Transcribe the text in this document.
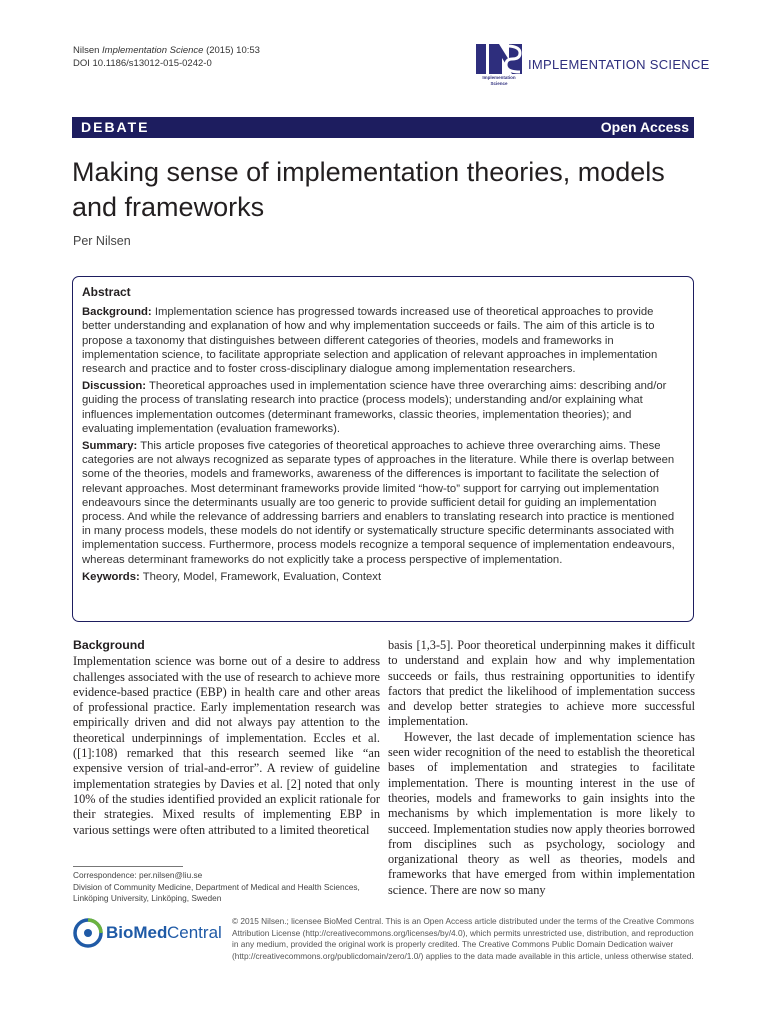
Nilsen Implementation Science (2015) 10:53
DOI 10.1186/s13012-015-0242-0
Implementation Science
IMPLEMENTATION SCIENCE
DEBATE	Open Access
Making sense of implementation theories, models and frameworks
Per Nilsen
Abstract

Background: Implementation science has progressed towards increased use of theoretical approaches to provide better understanding and explanation of how and why implementation succeeds or fails. The aim of this article is to propose a taxonomy that distinguishes between different categories of theories, models and frameworks in implementation science, to facilitate appropriate selection and application of relevant approaches in implementation research and practice and to foster cross-disciplinary dialogue among implementation researchers.

Discussion: Theoretical approaches used in implementation science have three overarching aims: describing and/or guiding the process of translating research into practice (process models); understanding and/or explaining what influences implementation outcomes (determinant frameworks, classic theories, implementation theories); and evaluating implementation (evaluation frameworks).

Summary: This article proposes five categories of theoretical approaches to achieve three overarching aims. These categories are not always recognized as separate types of approaches in the literature. While there is overlap between some of the theories, models and frameworks, awareness of the differences is important to facilitate the selection of relevant approaches. Most determinant frameworks provide limited “how-to” support for carrying out implementation endeavours since the determinants usually are too generic to provide sufficient detail for guiding an implementation process. And while the relevance of addressing barriers and enablers to translating research into practice is mentioned in many process models, these models do not identify or systematically structure specific determinants associated with implementation success. Furthermore, process models recognize a temporal sequence of implementation endeavours, whereas determinant frameworks do not explicitly take a process perspective of implementation.

Keywords: Theory, Model, Framework, Evaluation, Context

Background

Implementation science was borne out of a desire to address challenges associated with the use of research to achieve more evidence-based practice (EBP) in health care and other areas of professional practice. Early implementation research was empirically driven and did not always pay attention to the theoretical underpinnings of implementation. Eccles et al. ([1]:108) remarked that this research seemed like “an expensive version of trial-and-error”. A review of guideline implementation strategies by Davies et al. [2] noted that only 10% of the studies identified provided an explicit rationale for their strategies. Mixed results of implementing EBP in various settings were often attributed to a limited theoretical

basis [1,3-5]. Poor theoretical underpinning makes it difficult to understand and explain how and why implementation succeeds or fails, thus restraining opportunities to identify factors that predict the likelihood of implementation success and develop better strategies to achieve more successful implementation.

However, the last decade of implementation science has seen wider recognition of the need to establish the theoretical bases of implementation and strategies to facilitate implementation. There is mounting interest in the use of theories, models and frameworks to gain insights into the mechanisms by which implementation is more likely to succeed. Implementation studies now apply theories borrowed from disciplines such as psychology, sociology and organizational theory as well as theories, models and frameworks that have emerged from within implementation science. There are now so many

Correspondence: per.nilsen@liu.se
Division of Community Medicine, Department of Medical and Health Sciences, Linköping University, Linköping, Sweden
BioMed Central
© 2015 Nilsen.; licensee BioMed Central. This is an Open Access article distributed under the terms of the Creative Commons Attribution License (http://creativecommons.org/licenses/by/4.0), which permits unrestricted use, distribution, and reproduction in any medium, provided the original work is properly credited. The Creative Commons Public Domain Dedication waiver (http://creativecommons.org/publicdomain/zero/1.0/) applies to the data made available in this article, unless otherwise stated.
